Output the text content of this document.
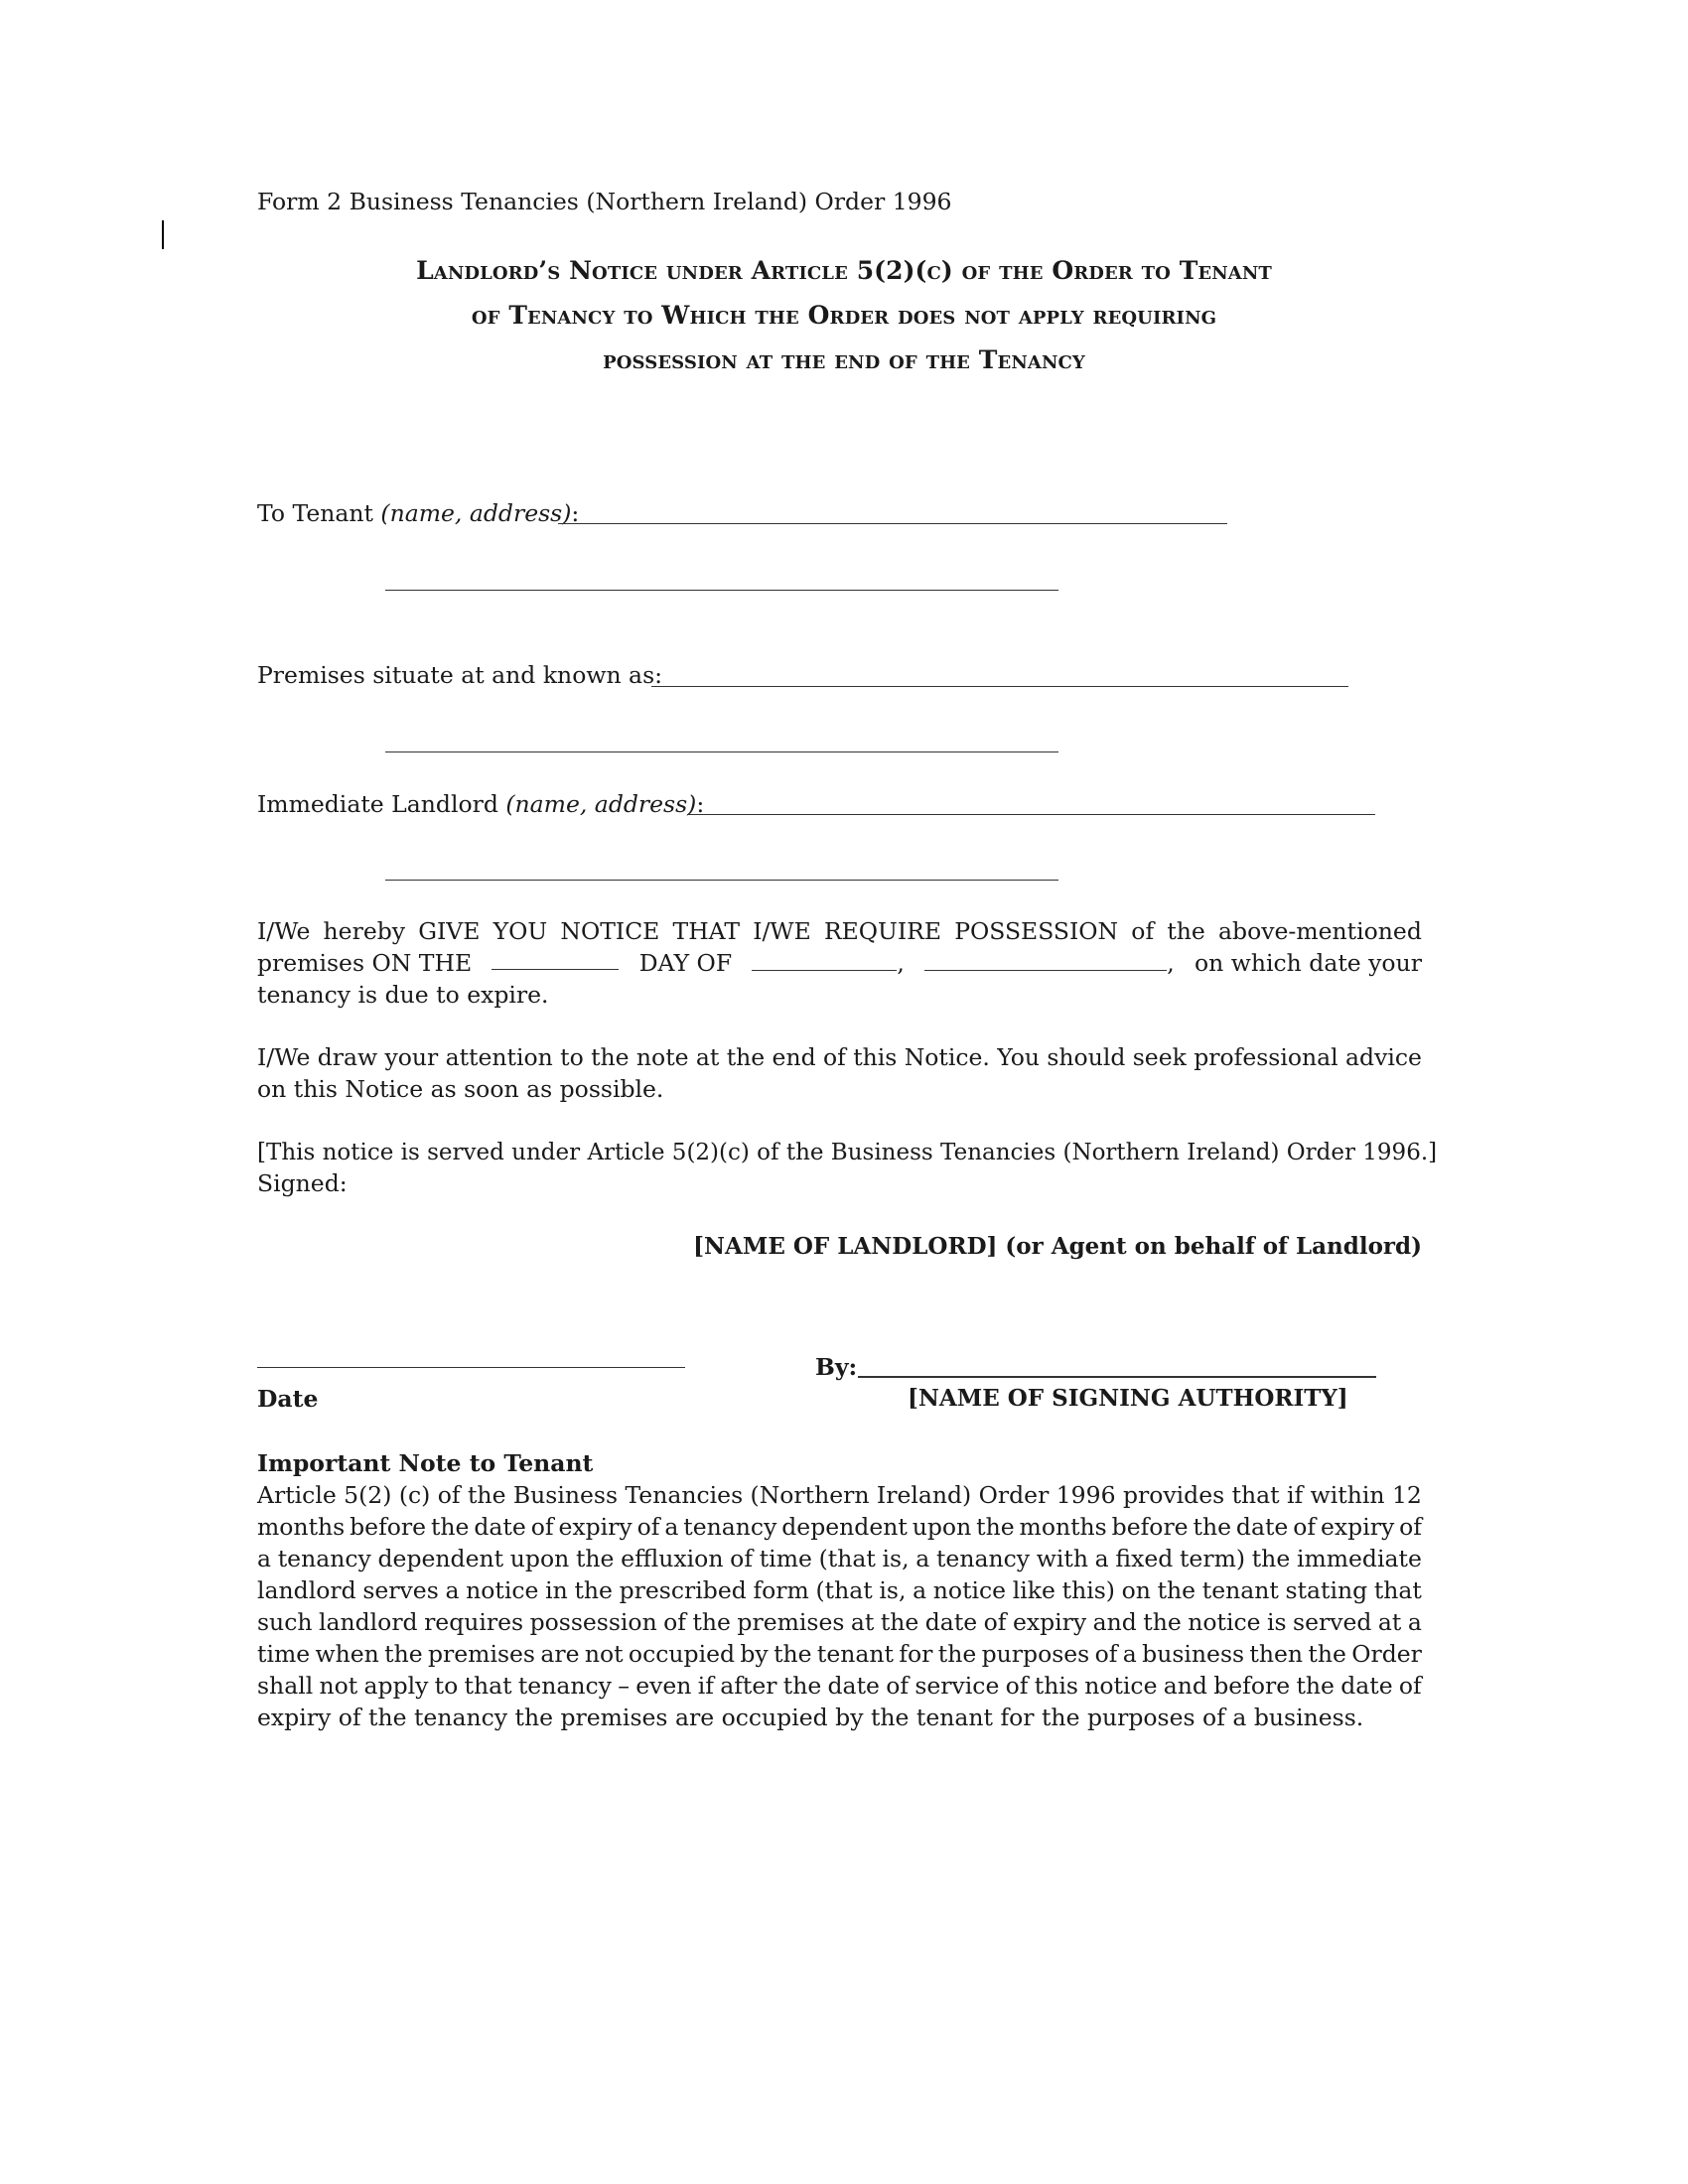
Form 2 Business Tenancies (Northern Ireland) Order 1996
Landlord’s Notice under Article 5(2)(c) of the Order to Tenant
of Tenancy to Which the Order does not apply requiring
possession at the end of the Tenancy
To Tenant (name, address):
Premises situate at and known as:
Immediate Landlord (name, address):
I/We hereby GIVE YOU NOTICE THAT I/WE REQUIRE POSSESSION of the above-mentioned
premises ON THE	DAY OF	,	, on which date your
tenancy is due to expire.
I/We draw your attention to the note at the end of this Notice. You should seek professional advice
on this Notice as soon as possible.
[This notice is served under Article 5(2)(c) of the Business Tenancies (Northern Ireland) Order 1996.]
Signed:
[NAME OF LANDLORD] (or Agent on behalf of Landlord)
Date
By:
[NAME OF SIGNING AUTHORITY]
Important Note to Tenant
Article 5(2) (c) of the Business Tenancies (Northern Ireland) Order 1996 provides that if within 12
months before the date of expiry of a tenancy dependent upon the months before the date of expiry of
a tenancy dependent upon the effluxion of time (that is, a tenancy with a fixed term) the immediate
landlord serves a notice in the prescribed form (that is, a notice like this) on the tenant stating that
such landlord requires possession of the premises at the date of expiry and the notice is served at a
time when the premises are not occupied by the tenant for the purposes of a business then the Order
shall not apply to that tenancy – even if after the date of service of this notice and before the date of
expiry of the tenancy the premises are occupied by the tenant for the purposes of a business.
